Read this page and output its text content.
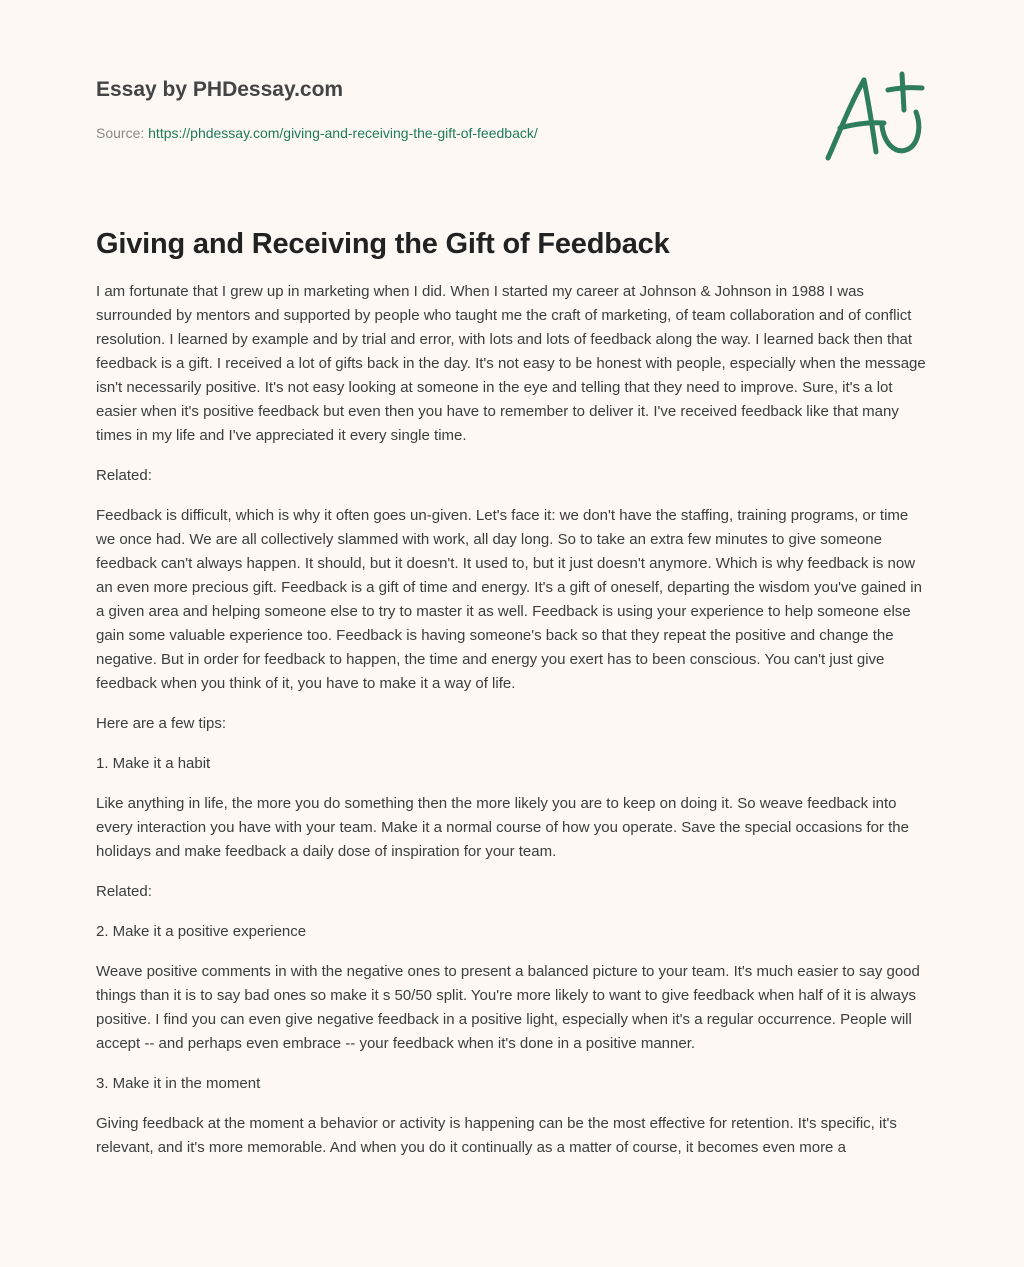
Essay by PHDessay.com
Source: https://phdessay.com/giving-and-receiving-the-gift-of-feedback/
Giving and Receiving the Gift of Feedback

I am fortunate that I grew up in marketing when I did. When I started my career at Johnson & Johnson in 1988 I was surrounded by mentors and supported by people who taught me the craft of marketing, of team collaboration and of conflict resolution. I learned by example and by trial and error, with lots and lots of feedback along the way. I learned back then that feedback is a gift. I received a lot of gifts back in the day. It's not easy to be honest with people, especially when the message isn't necessarily positive. It's not easy looking at someone in the eye and telling that they need to improve. Sure, it's a lot easier when it's positive feedback but even then you have to remember to deliver it. I've received feedback like that many times in my life and I've appreciated it every single time.

Related:

Feedback is difficult, which is why it often goes un-given. Let's face it: we don't have the staffing, training programs, or time we once had. We are all collectively slammed with work, all day long. So to take an extra few minutes to give someone feedback can't always happen. It should, but it doesn't. It used to, but it just doesn't anymore. Which is why feedback is now an even more precious gift. Feedback is a gift of time and energy. It's a gift of oneself, departing the wisdom you've gained in a given area and helping someone else to try to master it as well. Feedback is using your experience to help someone else gain some valuable experience too. Feedback is having someone's back so that they repeat the positive and change the negative. But in order for feedback to happen, the time and energy you exert has to been conscious. You can't just give feedback when you think of it, you have to make it a way of life.

Here are a few tips:

1. Make it a habit

Like anything in life, the more you do something then the more likely you are to keep on doing it. So weave feedback into every interaction you have with your team. Make it a normal course of how you operate. Save the special occasions for the holidays and make feedback a daily dose of inspiration for your team.

Related:

2. Make it a positive experience

Weave positive comments in with the negative ones to present a balanced picture to your team. It's much easier to say good things than it is to say bad ones so make it s 50/50 split. You're more likely to want to give feedback when half of it is always positive. I find you can even give negative feedback in a positive light, especially when it's a regular occurrence. People will accept -- and perhaps even embrace -- your feedback when it's done in a positive manner.

3. Make it in the moment

Giving feedback at the moment a behavior or activity is happening can be the most effective for retention. It's specific, it's relevant, and it's more memorable. And when you do it continually as a matter of course, it becomes even more a
